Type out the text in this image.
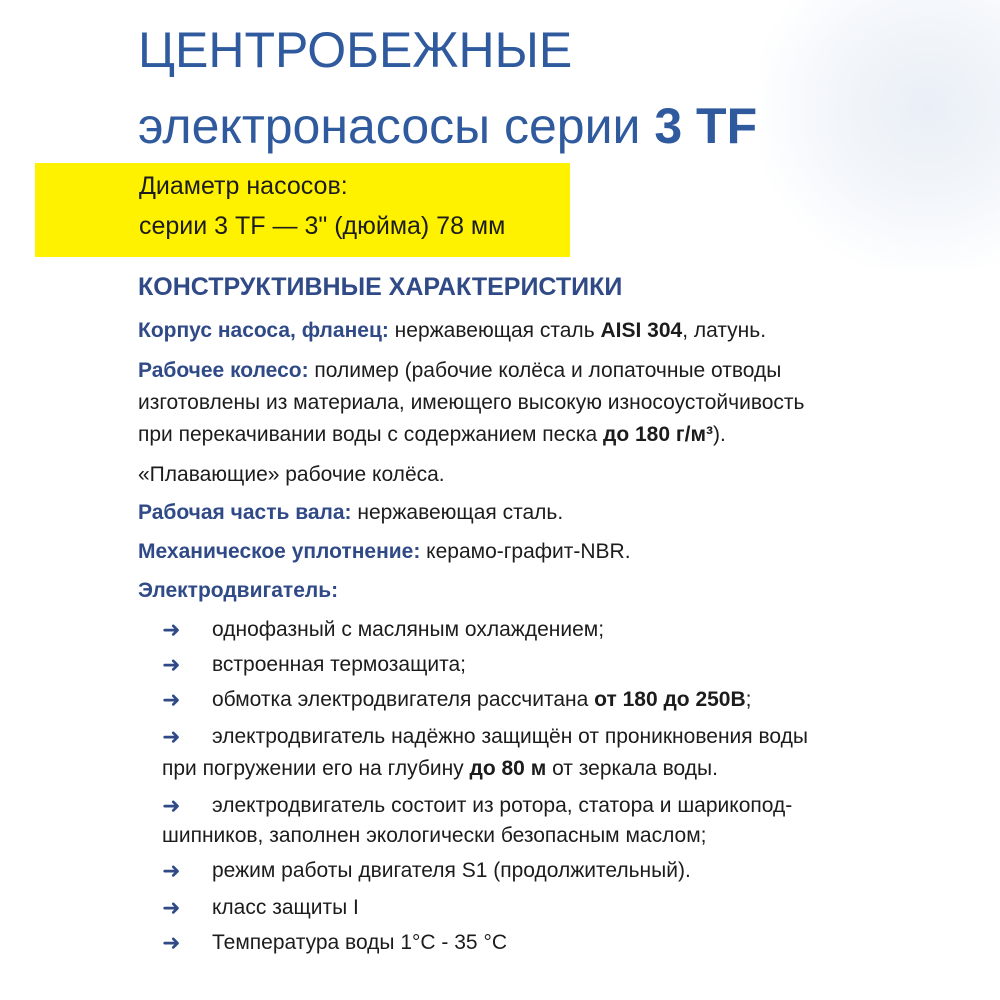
ЦЕНТРОБЕЖНЫЕ
электронасосы серии 3 TF
Диаметр насосов:
серии 3 TF — 3" (дюйма) 78 мм
КОНСТРУКТИВНЫЕ ХАРАКТЕРИСТИКИ
Корпус насоса, фланец: нержавеющая сталь AISI 304, латунь.
Рабочее колесо: полимер (рабочие колёса и лопаточные отводы
изготовлены из материала, имеющего высокую износоустойчивость
при перекачивании воды с содержанием песка до 180 г/м³).
«Плавающие» рабочие колёса.
Рабочая часть вала: нержавеющая сталь.
Механическое уплотнение: керамо-графит-NBR.
Электродвигатель:
➜ однофазный с масляным охлаждением;
➜ встроенная термозащита;
➜ обмотка электродвигателя рассчитана от 180 до 250В;
➜ электродвигатель надёжно защищён от проникновения воды
при погружении его на глубину до 80 м от зеркала воды.
➜ электродвигатель состоит из ротора, статора и шарикопод-
шипников, заполнен экологически безопасным маслом;
➜ режим работы двигателя S1 (продолжительный).
➜ класс защиты I
➜ Температура воды 1°С - 35 °С
